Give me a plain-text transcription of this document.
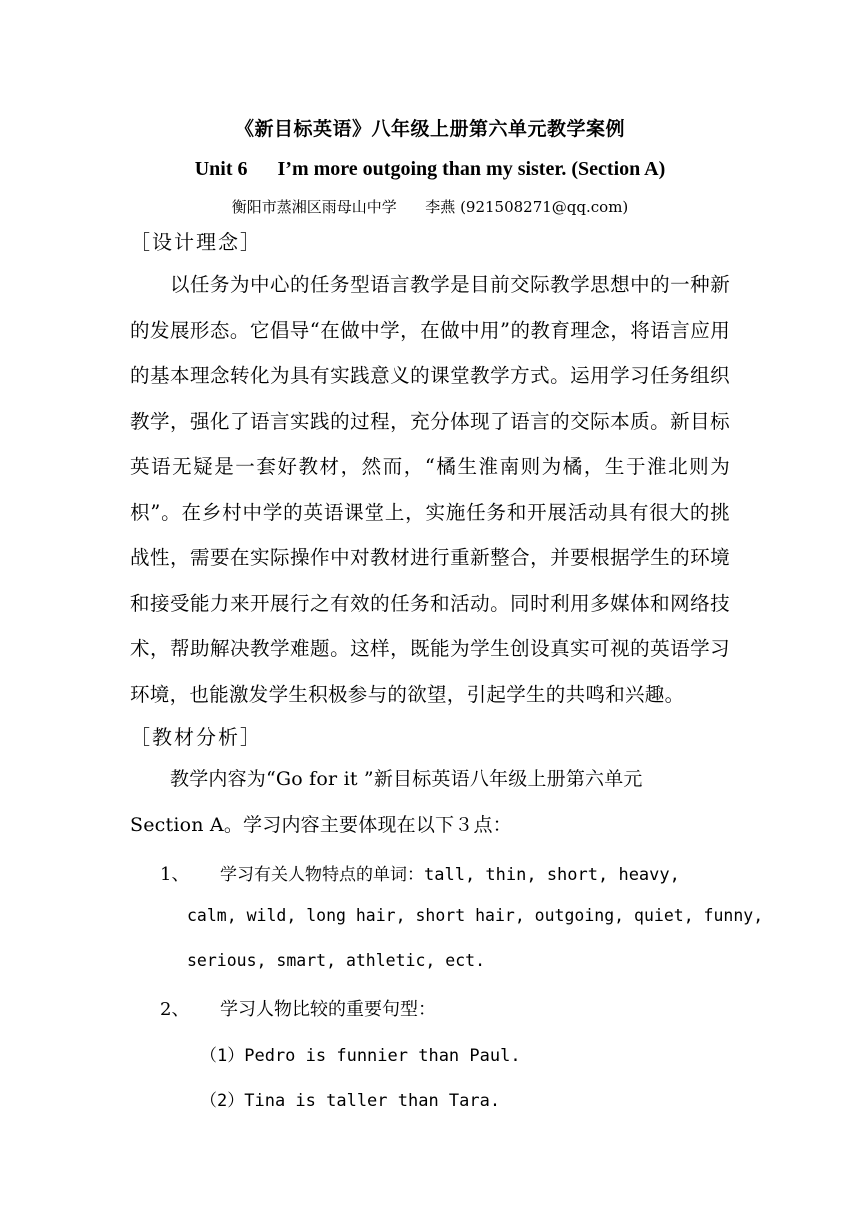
《新目标英语》八年级上册第六单元教学案例
Unit 6      I’m more outgoing than my sister. (Section A)
衡阳市蒸湘区雨母山中学      李燕 (921508271@qq.com)
［设计理念］
以任务为中心的任务型语言教学是目前交际教学思想中的一种新的发展形态。它倡导“在做中学，在做中用”的教育理念，将语言应用的基本理念转化为具有实践意义的课堂教学方式。运用学习任务组织教学，强化了语言实践的过程，充分体现了语言的交际本质。新目标英语无疑是一套好教材，然而，“橘生淮南则为橘，生于淮北则为枳”。在乡村中学的英语课堂上，实施任务和开展活动具有很大的挑战性，需要在实际操作中对教材进行重新整合，并要根据学生的环境和接受能力来开展行之有效的任务和活动。同时利用多媒体和网络技术，帮助解决教学难题。这样，既能为学生创设真实可视的英语学习环境，也能激发学生积极参与的欲望，引起学生的共鸣和兴趣。
［教材分析］
教学内容为“Go for it ”新目标英语八年级上册第六单元
Section A。学习内容主要体现在以下３点：
1、 学习有关人物特点的单词：tall, thin, short, heavy,
calm, wild, long hair, short hair, outgoing, quiet, funny,
serious, smart, athletic, ect.
2、 学习人物比较的重要句型：
（1）Pedro is funnier than Paul.
（2）Tina is taller than Tara.
